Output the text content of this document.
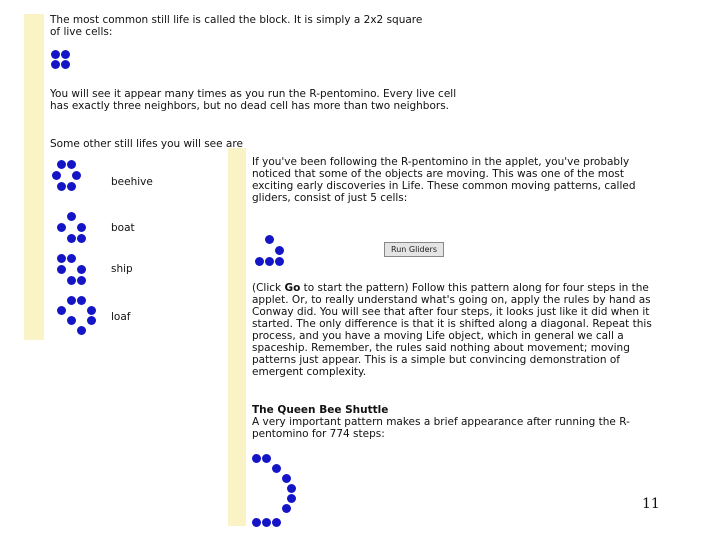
The most common still life is called the block. It is simply a 2x2 square of live cells:

You will see it appear many times as you run the R-pentomino. Every live cell has exactly three neighbors, but no dead cell has more than two neighbors.

Some other still lifes you will see are

beehive
boat
ship
loaf

If you've been following the R-pentomino in the applet, you've probably noticed that some of the objects are moving. This was one of the most exciting early discoveries in Life. These common moving patterns, called gliders, consist of just 5 cells:

Run Gliders

(Click Go to start the pattern) Follow this pattern along for four steps in the applet. Or, to really understand what's going on, apply the rules by hand as Conway did. You will see that after four steps, it looks just like it did when it started. The only difference is that it is shifted along a diagonal. Repeat this process, and you have a moving Life object, which in general we call a spaceship. Remember, the rules said nothing about movement; moving patterns just appear. This is a simple but convincing demonstration of emergent complexity.

The Queen Bee Shuttle

A very important pattern makes a brief appearance after running the R-pentomino for 774 steps:

11
